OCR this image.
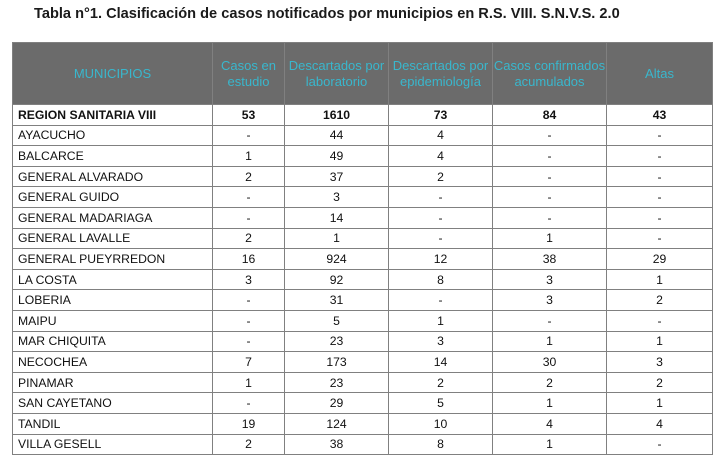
Tabla n°1. Clasificación de casos notificados por municipios en R.S. VIII. S.N.V.S. 2.0
MUNICIPIOS	Casos en estudio	Descartados por laboratorio	Descartados por epidemiología	Casos confirmados acumulados	Altas
REGION SANITARIA VIII	53	1610	73	84	43
AYACUCHO	-	44	4	-	-
BALCARCE	1	49	4	-	-
GENERAL ALVARADO	2	37	2	-	-
GENERAL GUIDO	-	3	-	-	-
GENERAL MADARIAGA	-	14	-	-	-
GENERAL LAVALLE	2	1	-	1	-
GENERAL PUEYRREDON	16	924	12	38	29
LA COSTA	3	92	8	3	1
LOBERIA	-	31	-	3	2
MAIPU	-	5	1	-	-
MAR CHIQUITA	-	23	3	1	1
NECOCHEA	7	173	14	30	3
PINAMAR	1	23	2	2	2
SAN CAYETANO	-	29	5	1	1
TANDIL	19	124	10	4	4
VILLA GESELL	2	38	8	1	-
